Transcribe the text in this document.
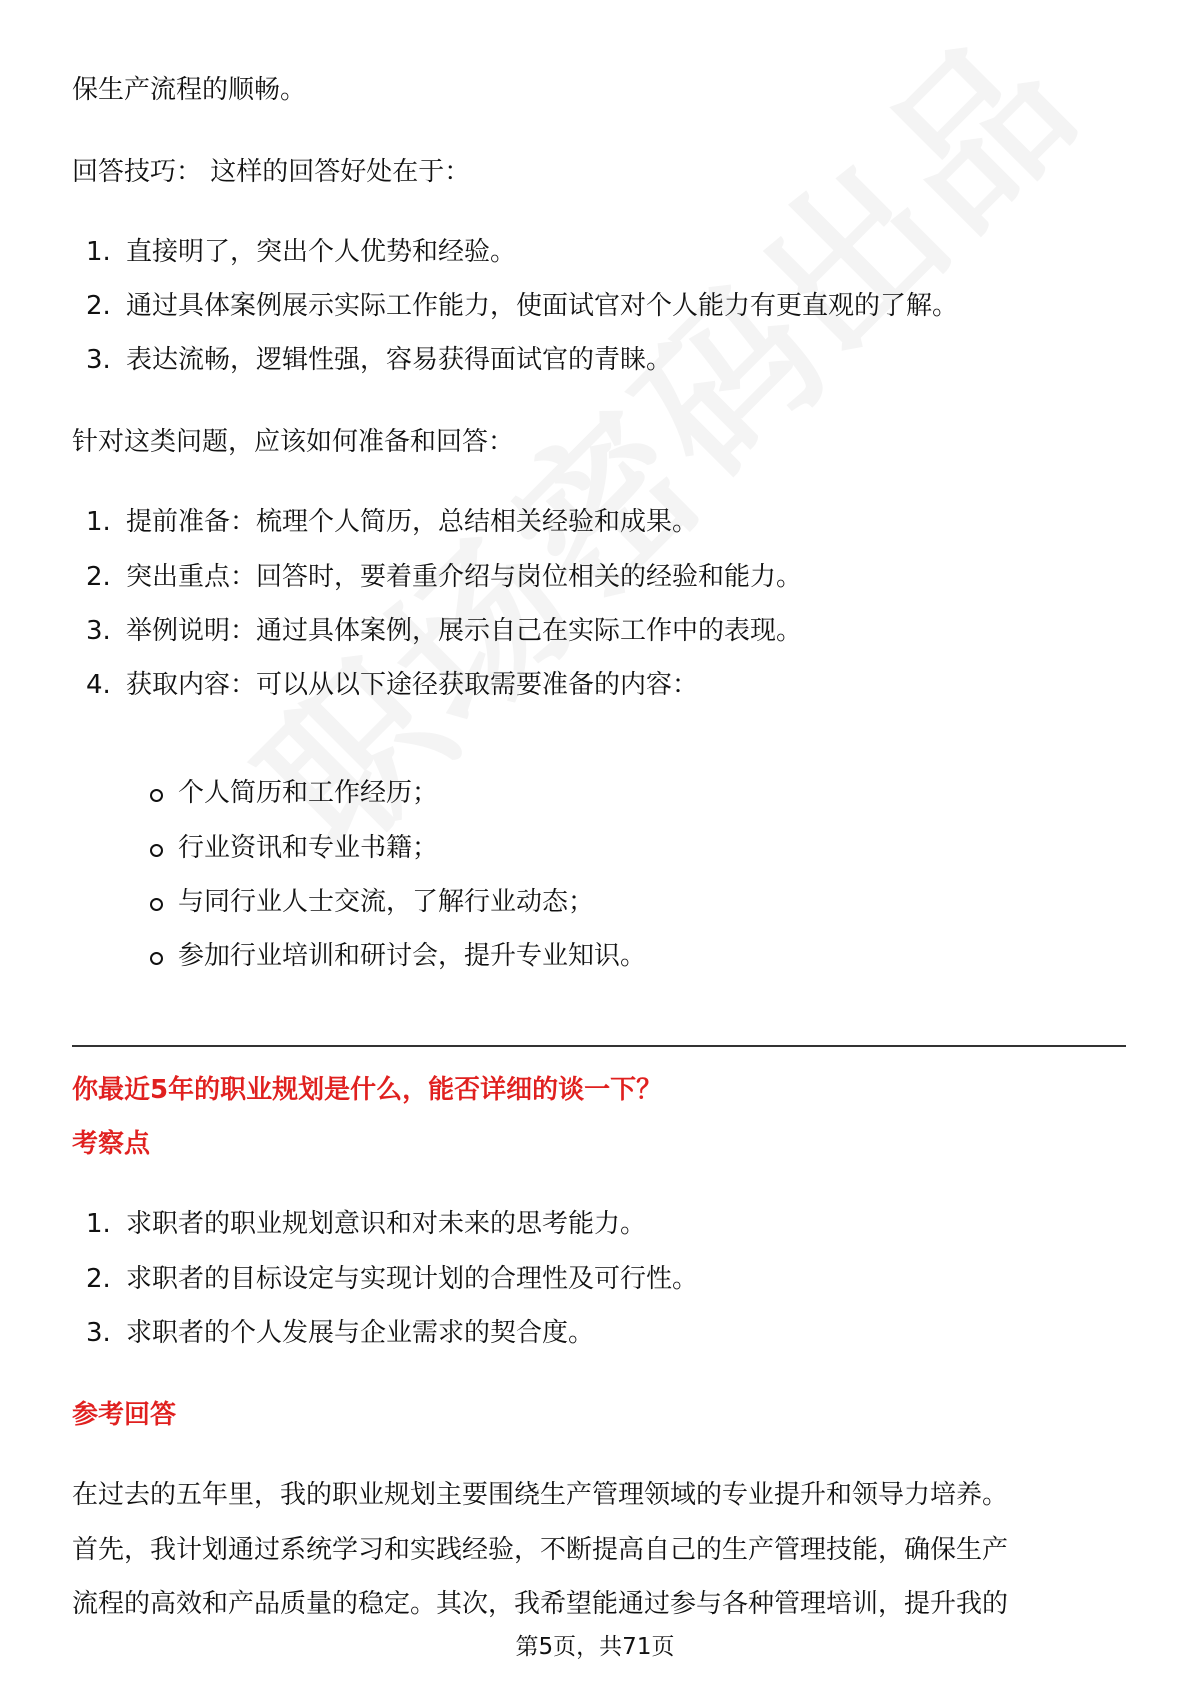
保生产流程的顺畅。
回答技巧： 这样的回答好处在于：
1. 直接明了，突出个人优势和经验。
2. 通过具体案例展示实际工作能力，使面试官对个人能力有更直观的了解。
3. 表达流畅，逻辑性强，容易获得面试官的青睐。
针对这类问题，应该如何准备和回答：
1. 提前准备：梳理个人简历，总结相关经验和成果。
2. 突出重点：回答时，要着重介绍与岗位相关的经验和能力。
3. 举例说明：通过具体案例，展示自己在实际工作中的表现。
4. 获取内容：可以从以下途径获取需要准备的内容：
个人简历和工作经历；
行业资讯和专业书籍；
与同行业人士交流，了解行业动态；
参加行业培训和研讨会，提升专业知识。
你最近5年的职业规划是什么，能否详细的谈一下？
考察点
1. 求职者的职业规划意识和对未来的思考能力。
2. 求职者的目标设定与实现计划的合理性及可行性。
3. 求职者的个人发展与企业需求的契合度。
参考回答
在过去的五年里，我的职业规划主要围绕生产管理领域的专业提升和领导力培养。
首先，我计划通过系统学习和实践经验，不断提高自己的生产管理技能，确保生产
流程的高效和产品质量的稳定。其次，我希望能通过参与各种管理培训，提升我的
第5页，共71页
